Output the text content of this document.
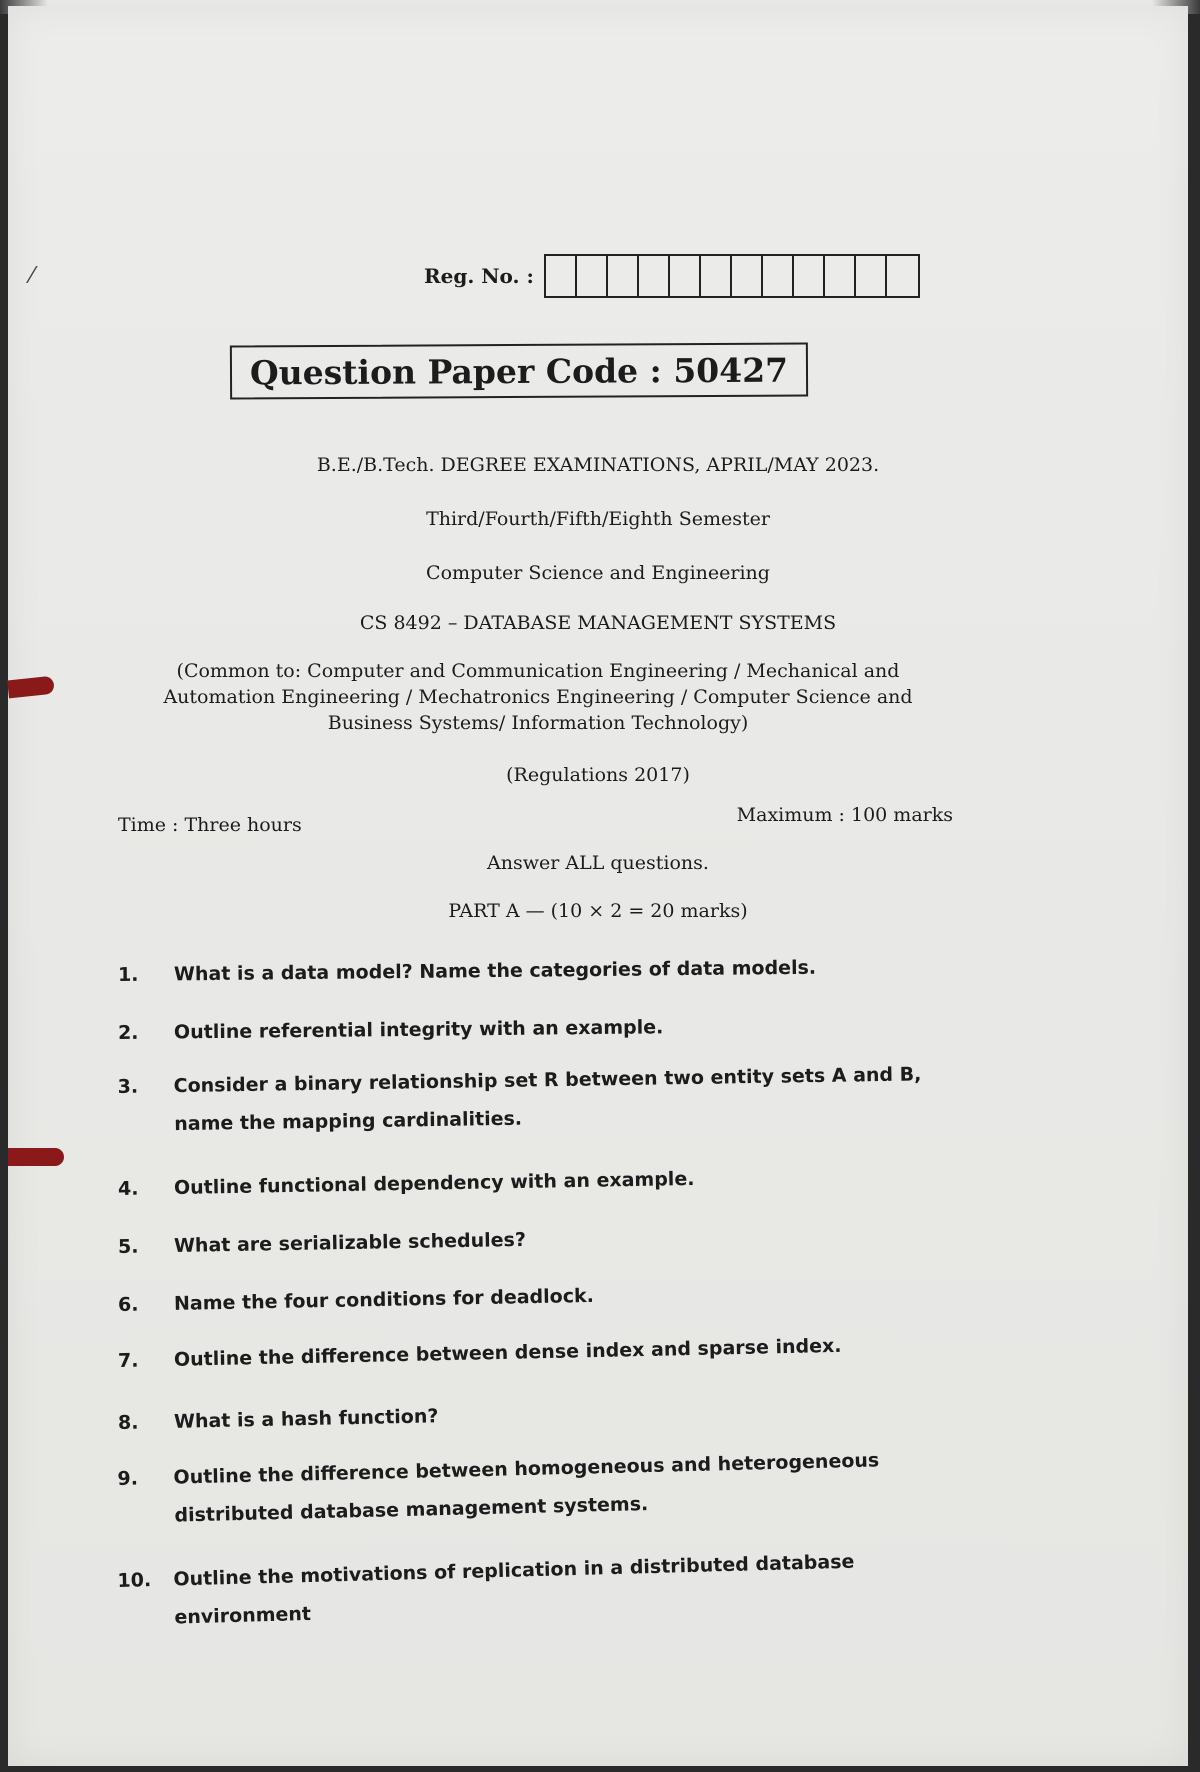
⁄	Reg. No. :
Question Paper Code : 50427
B.E./B.Tech. DEGREE EXAMINATIONS, APRIL/MAY 2023.
Third/Fourth/Fifth/Eighth Semester
Computer Science and Engineering
CS 8492 – DATABASE MANAGEMENT SYSTEMS
(Common to: Computer and Communication Engineering / Mechanical and
Automation Engineering / Mechatronics Engineering / Computer Science and
Business Systems/ Information Technology)
(Regulations 2017)
Time : Three hours	Maximum : 100 marks
Answer ALL questions.
PART A — (10 × 2 = 20 marks)
1.	What is a data model? Name the categories of data models.
2.	Outline referential integrity with an example.
3.	Consider a binary relationship set R between two entity sets A and B, name the mapping cardinalities.
4.	Outline functional dependency with an example.
5.	What are serializable schedules?
6.	Name the four conditions for deadlock.
7.	Outline the difference between dense index and sparse index.
8.	What is a hash function?
9.	Outline the difference between homogeneous and heterogeneous distributed database management systems.
10.	Outline the motivations of replication in a distributed database environment
